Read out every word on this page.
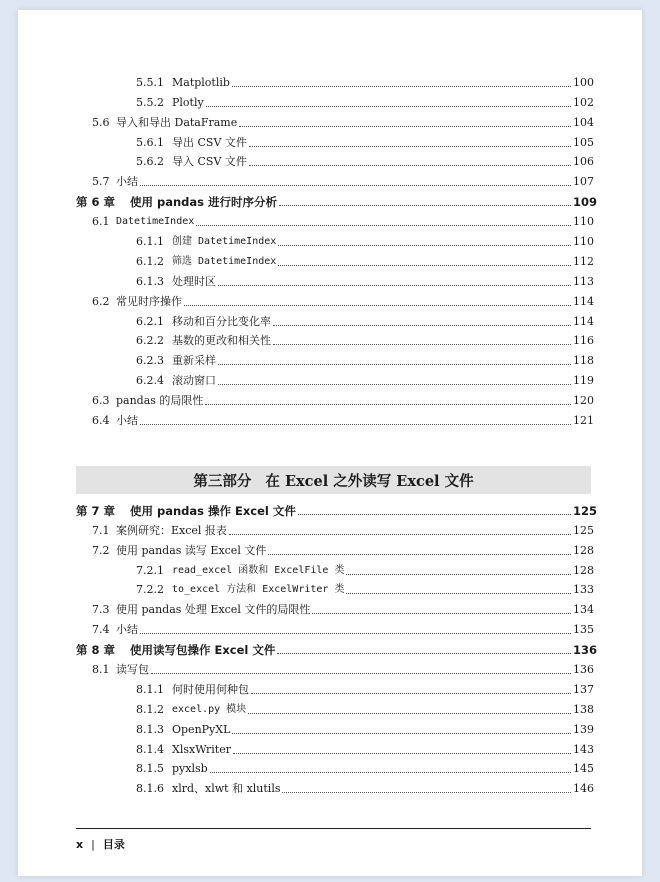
5.5.1 Matplotlib	100
5.5.2 Plotly	102
5.6 导入和导出 DataFrame	104
5.6.1 导出 CSV 文件	105
5.6.2 导入 CSV 文件	106
5.7 小结	107
第 6 章	使用 pandas 进行时序分析	109
6.1 DatetimeIndex	110
6.1.1 创建 DatetimeIndex	110
6.1.2 筛选 DatetimeIndex	112
6.1.3 处理时区	113
6.2 常见时序操作	114
6.2.1 移动和百分比变化率	114
6.2.2 基数的更改和相关性	116
6.2.3 重新采样	118
6.2.4 滚动窗口	119
6.3 pandas 的局限性	120
6.4 小结	121
第三部分 在 Excel 之外读写 Excel 文件
第 7 章	使用 pandas 操作 Excel 文件	125
7.1 案例研究：Excel 报表	125
7.2 使用 pandas 读写 Excel 文件	128
7.2.1 read_excel 函数和 ExcelFile 类	128
7.2.2 to_excel 方法和 ExcelWriter 类	133
7.3 使用 pandas 处理 Excel 文件的局限性	134
7.4 小结	135
第 8 章	使用读写包操作 Excel 文件	136
8.1 读写包	136
8.1.1 何时使用何种包	137
8.1.2 excel.py 模块	138
8.1.3 OpenPyXL	139
8.1.4 XlsxWriter	143
8.1.5 pyxlsb	145
8.1.6 xlrd、xlwt 和 xlutils	146
x | 目录
